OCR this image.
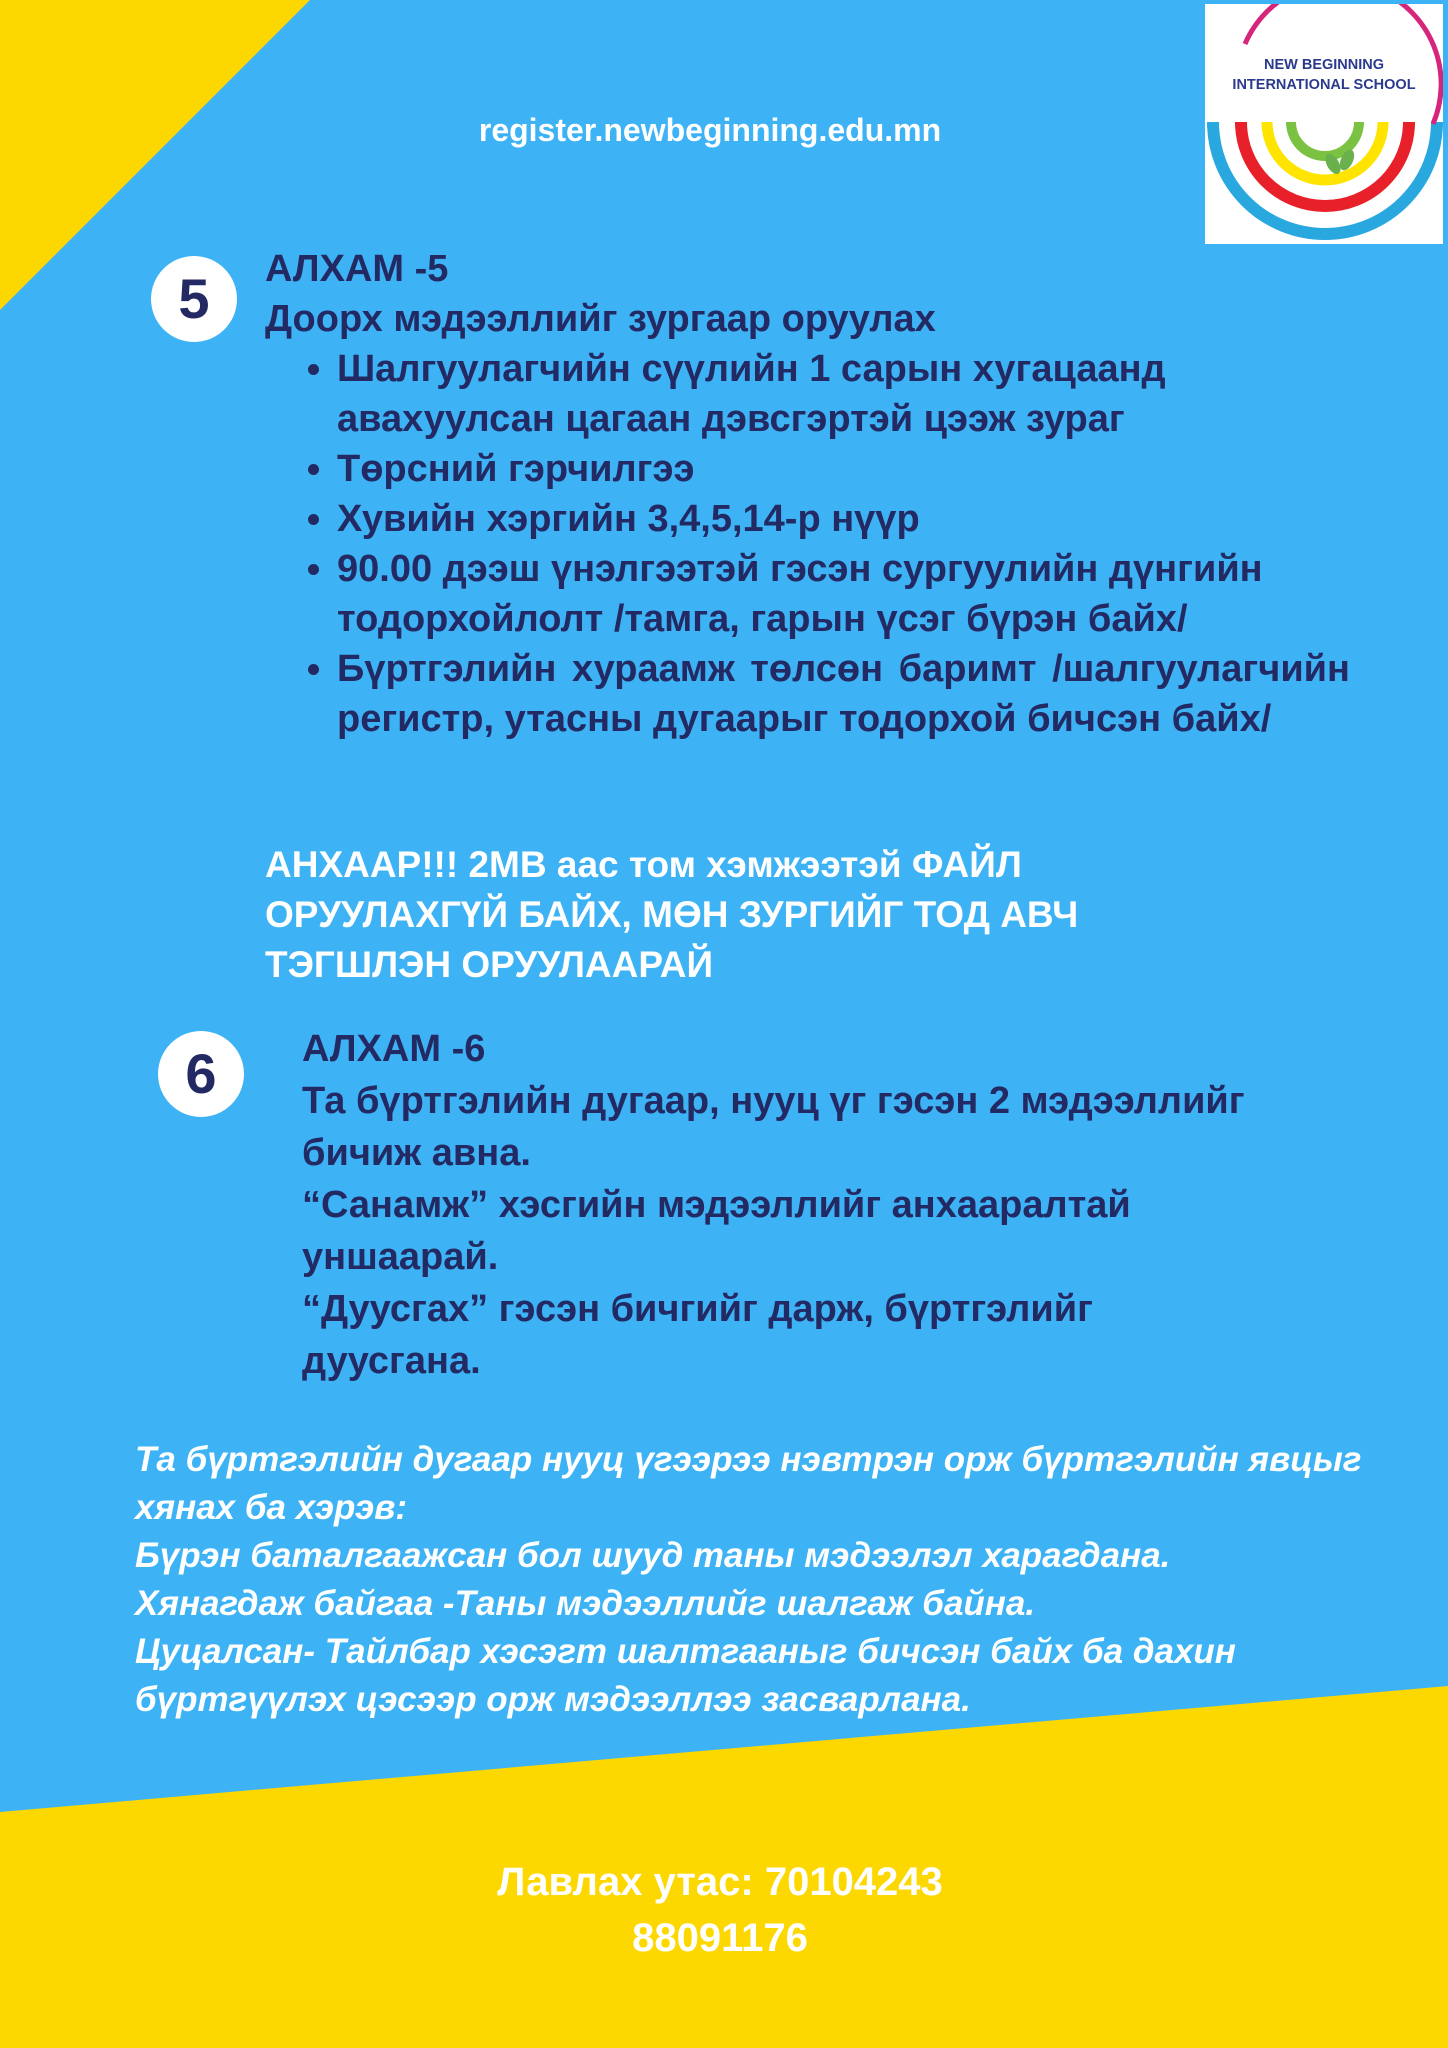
register.newbeginning.edu.mn
NEW BEGINNING
INTERNATIONAL SCHOOL
5	АЛХАМ -5

Доорх мэдээллийг зургаар оруулах

• Шалгуулагчийн сүүлийн 1 сарын хугацаанд авахуулсан цагаан дэвсгэртэй цээж зураг
• Төрсний гэрчилгээ
• Хувийн хэргийн 3,4,5,14-р нүүр
• 90.00 дээш үнэлгээтэй гэсэн сургуулийн дүнгийн тодорхойлолт /тамга, гарын үсэг бүрэн байх/
• Бүртгэлийн хураамж төлсөн баримт /шалгуулагчийн регистр, утасны дугаарыг тодорхой бичсэн байх/

АНХААР!!! 2MB аас том хэмжээтэй ФАЙЛ ОРУУЛАХГҮЙ БАЙХ, МӨН ЗУРГИЙГ ТОД АВЧ ТЭГШЛЭН ОРУУЛААРАЙ

6	АЛХАМ -6

Та бүртгэлийн дугаар, нууц үг гэсэн 2 мэдээллийг бичиж авна.

“Санамж” хэсгийн мэдээллийг анхааралтай уншаарай.

“Дуусгах” гэсэн бичгийг дарж, бүртгэлийг дуусгана.

Та бүртгэлийн дугаар нууц үгээрээ нэвтрэн орж бүртгэлийн явцыг хянах ба хэрэв:

Бүрэн баталгаажсан бол шууд таны мэдээлэл харагдана.

Хянагдаж байгаа -Таны мэдээллийг шалгаж байна.

Цуцалсан- Тайлбар хэсэгт шалтгааныг бичсэн байх ба дахин бүртгүүлэх цэсээр орж мэдээллээ засварлана.

Лавлах утас: 70104243

88091176
